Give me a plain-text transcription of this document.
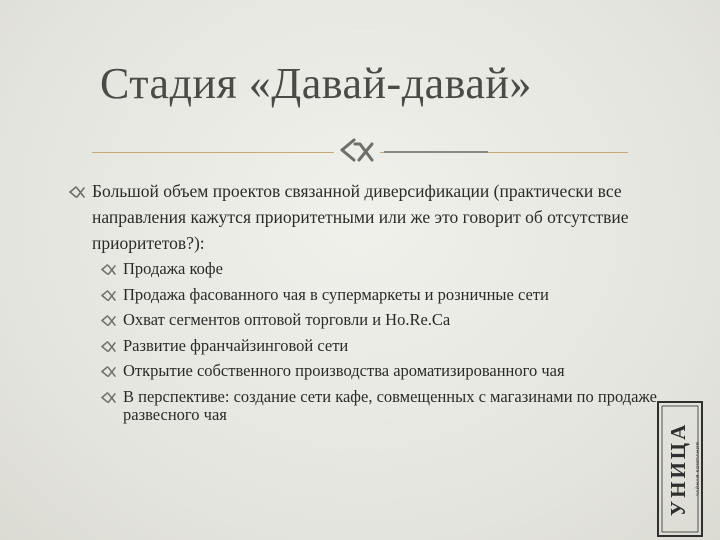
Стадия «Давай-давай»
Большой объем проектов связанной диверсификации (практически все направления кажутся приоритетными или же это говорит об отсутствие приоритетов?):
Продажа кофе
Продажа фасованного чая в супермаркеты и розничные сети
Охват сегментов оптовой торговли и Ho.Re.Ca
Развитие франчайзинговой сети
Открытие собственного производства ароматизированного чая
В перспективе: создание сети кафе, совмещенных с магазинами по продаже развесного чая
УНИЦА	ЧАЙНАЯ КОМПАНИЯ
